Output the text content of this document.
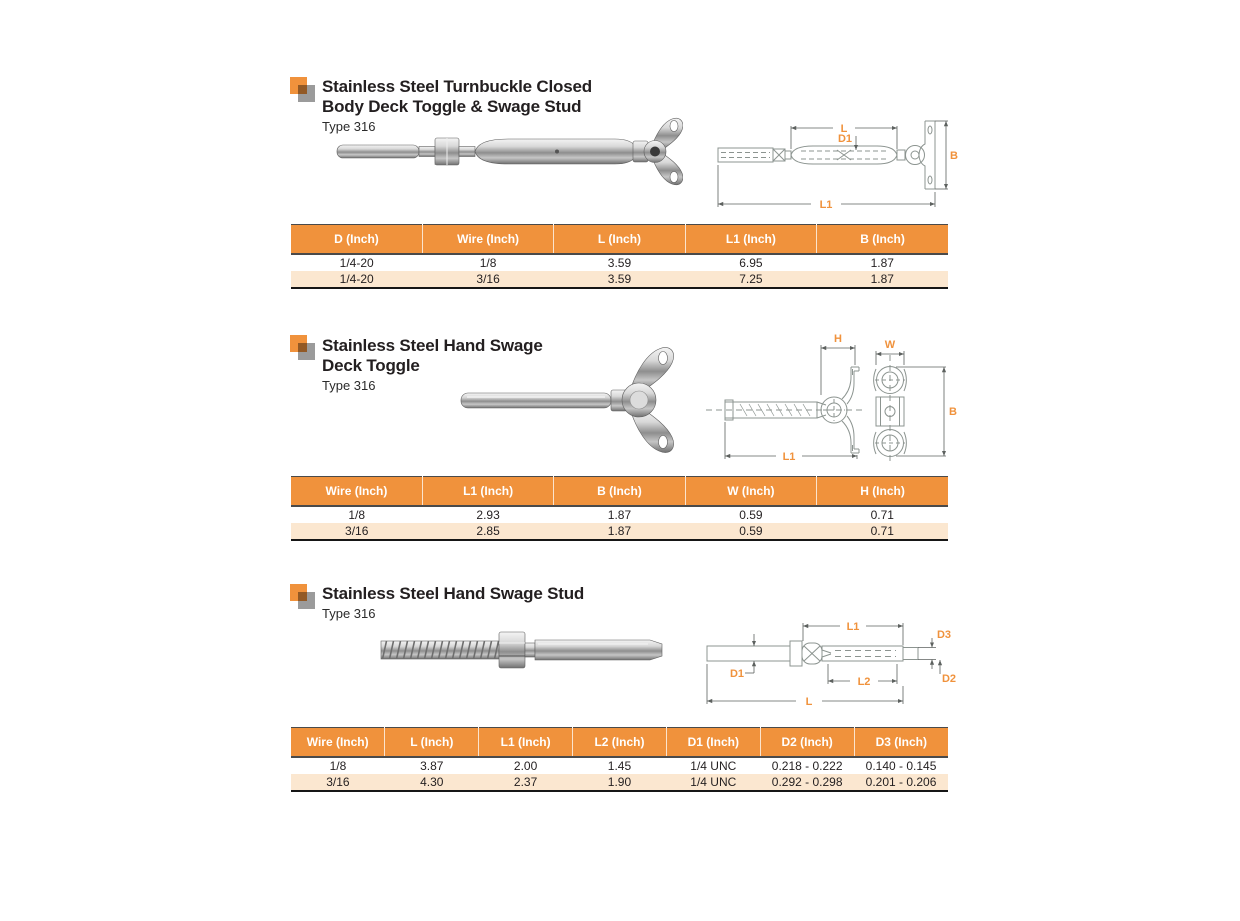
Stainless Steel Turnbuckle Closed
Body Deck Toggle & Swage Stud
Type 316	L
D1
B
L1
D (Inch)	Wire (Inch)	L (Inch)	L1 (Inch)	B (Inch)
1/4-20	1/8	3.59	6.95	1.87
1/4-20	3/16	3.59	7.25	1.87
Stainless Steel Hand Swage
Deck Toggle
Type 316
H
L1
W
B
Wire (Inch)	L1 (Inch)	B (Inch)	W (Inch)	H (Inch)
1/8	2.93	1.87	0.59	0.71
3/16	2.85	1.87	0.59	0.71
Stainless Steel Hand Swage Stud
Type 316
L1
D3
D1
L2	D2
L
Wire (Inch)	L (Inch)	L1 (Inch)	L2 (Inch)	D1 (Inch)	D2 (Inch)	D3 (Inch)
1/8	3.87	2.00	1.45	1/4 UNC	0.218 - 0.222	0.140 - 0.145
3/16	4.30	2.37	1.90	1/4 UNC	0.292 - 0.298	0.201 - 0.206
